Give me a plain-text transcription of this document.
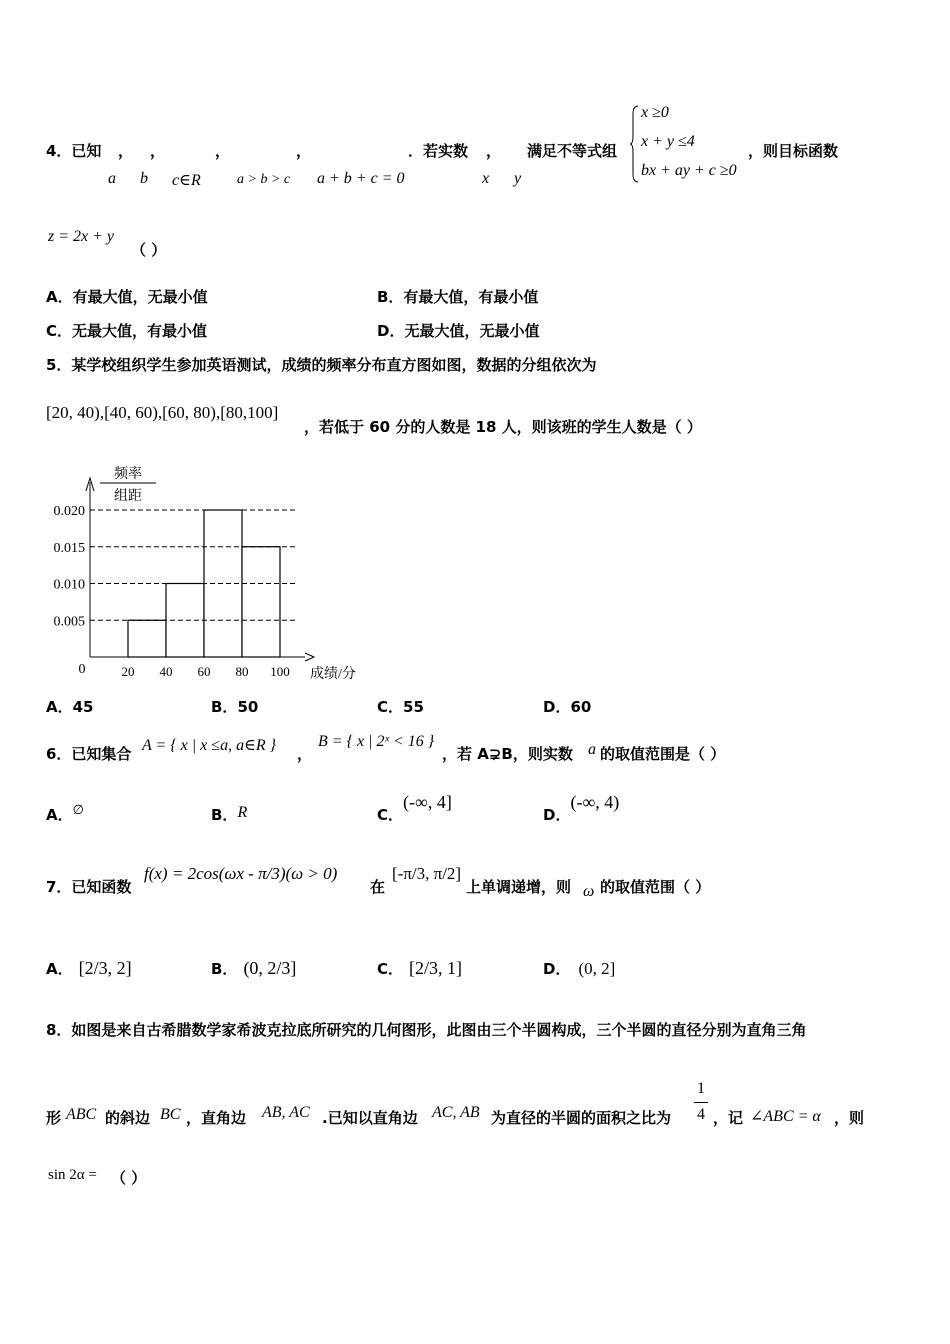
4．已知 ， ，	，	，	．若实数 ， 满足不等式组	，则目标函数
a b c∈R	a > b > c a + b + c = 0	x y
x ≥0
x + y ≤4
bx + ay + c ≥0
z = 2x + y
（ ）
A．有最大值，无最小值	B．有最大值，有最小值
C．无最大值，有最小值	D．无最大值，无最小值
5．某学校组织学生参加英语测试，成绩的频率分布直方图如图，数据的分组依次为
[20, 40),[40, 60),[60, 80),[80,100]
，若低于 60 分的人数是 18 人，则该班的学生人数是（ ）
0.005
0.010
0.015
0.020
20 40 60 80 100
0
频率
组距
成绩/分
A．45	B．50	C．55	D．60
6．已知集合 A = { x | x ≤a, a∈R } ，
B = { x | 2ˣ < 16 }
，若 A⊋B，则实数 a 的取值范围是（ ）
A．∅	B．R	C．(-∞, 4]
D．(-∞, 4)
7．已知函数
f(x) = 2cos(ωx - π/3)(ω > 0)
在
[-π/3, π/2]
上单调递增，则 ω 的取值范围（ ）
A． [2/3, 2]	B． (0, 2/3]	C． [2/3, 1]	D． (0, 2]
8．如图是来自古希腊数学家希波克拉底所研究的几何图形，此图由三个半圆构成，三个半圆的直径分别为直角三角
形 ABC 的斜边 BC ，直角边 AB, AC .已知以直角边 AC, AB 为直径的半圆的面积之比为
1
4 ，记 ∠ABC = α ，则
sin 2α = （ ）
